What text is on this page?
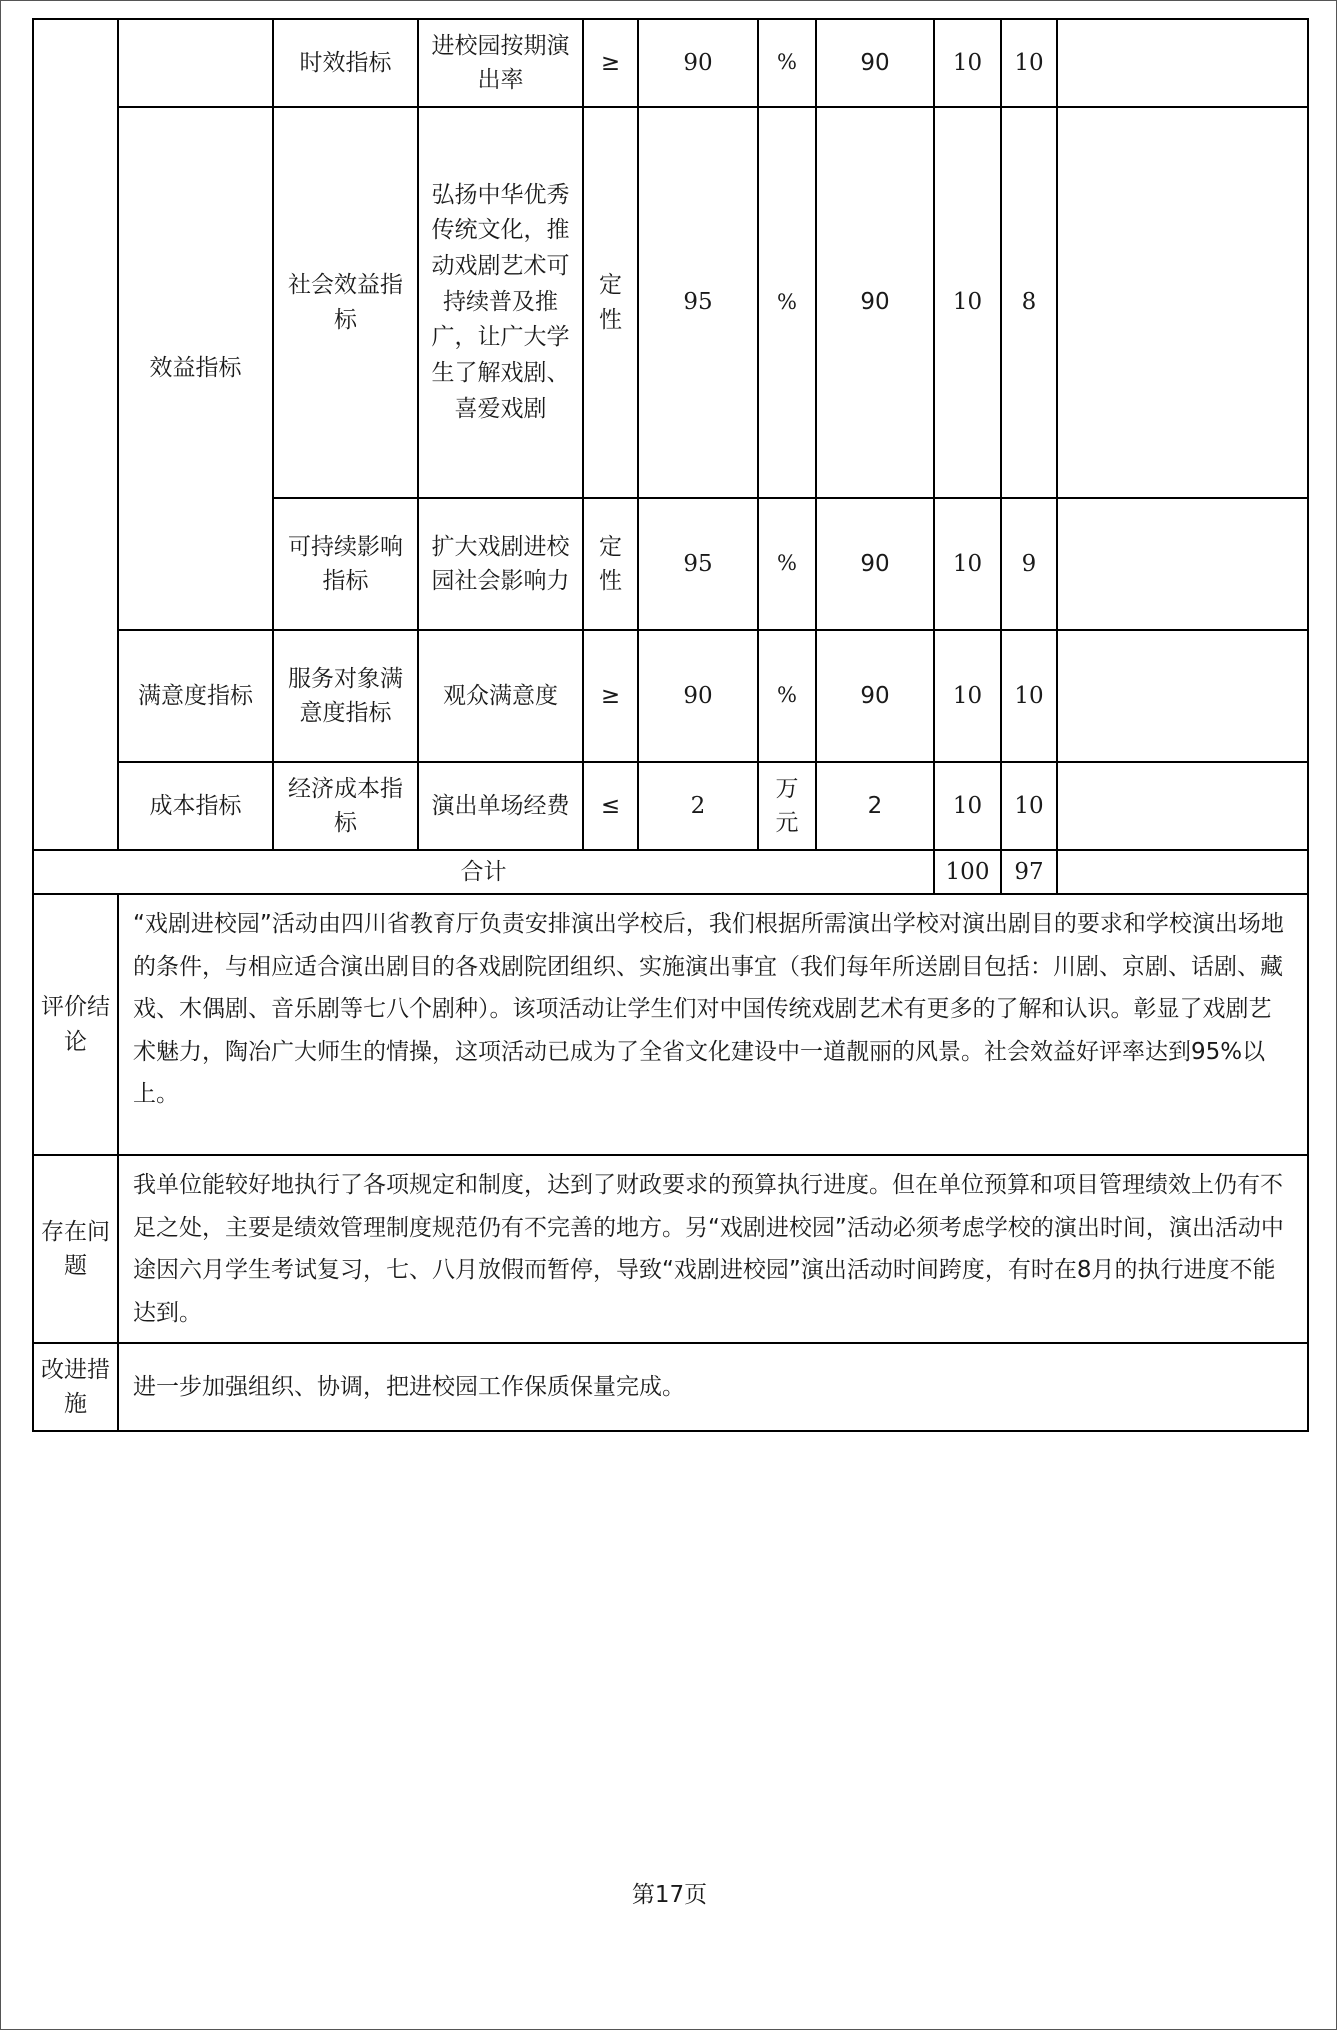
		时效指标	进校园按期演出率	≥	90	%	90	10	10	
	效益指标	社会效益指标	弘扬中华优秀传统文化，推动戏剧艺术可持续普及推广，让广大学生了解戏剧、喜爱戏剧	定性	95	%	90	10	8	
		可持续影响指标	扩大戏剧进校园社会影响力	定性	95	%	90	10	9	
	满意度指标	服务对象满意度指标	观众满意度	≥	90	%	90	10	10	
	成本指标	经济成本指标	演出单场经费	≤	2	万元	2	10	10	
合计								100	97	
评价结论	“戏剧进校园”活动由四川省教育厅负责安排演出学校后，我们根据所需演出学校对演出剧目的要求和学校演出场地的条件，与相应适合演出剧目的各戏剧院团组织、实施演出事宜（我们每年所送剧目包括：川剧、京剧、话剧、藏戏、木偶剧、音乐剧等七八个剧种）。该项活动让学生们对中国传统戏剧艺术有更多的了解和认识。彰显了戏剧艺术魅力，陶冶广大师生的情操，这项活动已成为了全省文化建设中一道靓丽的风景。社会效益好评率达到95%以上。									
存在问题	我单位能较好地执行了各项规定和制度，达到了财政要求的预算执行进度。但在单位预算和项目管理绩效上仍有不足之处，主要是绩效管理制度规范仍有不完善的地方。另“戏剧进校园”活动必须考虑学校的演出时间，演出活动中途因六月学生考试复习，七、八月放假而暂停，导致“戏剧进校园”演出活动时间跨度，有时在8月的执行进度不能达到。									
改进措施	进一步加强组织、协调，把进校园工作保质保量完成。									
第17页
